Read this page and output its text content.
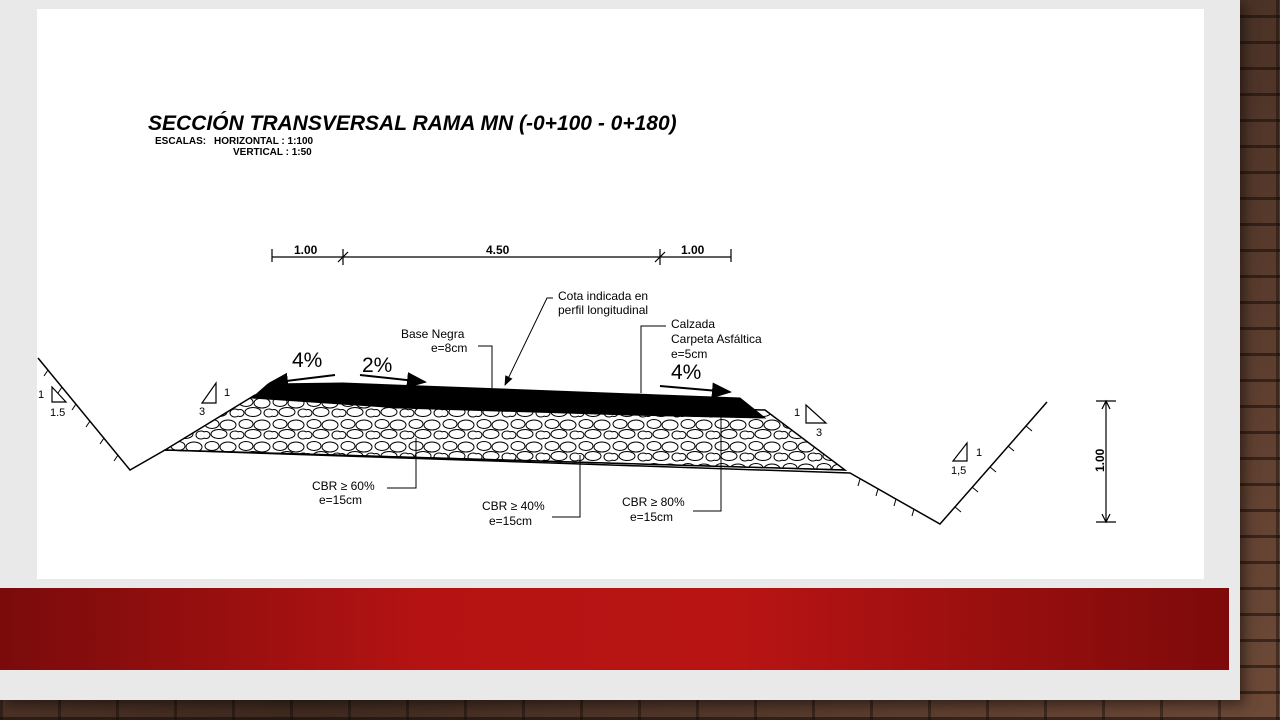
SECCIÓN TRANSVERSAL RAMA MN (-0+100 - 0+180)
ESCALAS: HORIZONTAL : 1:100
VERTICAL : 1:50
1.00	4.50	1.00
4% 2%	4%
Cota indicada en
perfil longitudinal
Base Negra
e=8cm
Calzada
Carpeta Asfáltica
e=5cm
CBR ≥ 60%
e=15cm	CBR ≥ 40%
e=15cm
CBR ≥ 80%
e=15cm
1
1.5
1
3	1
3
1
1,5	1.00
